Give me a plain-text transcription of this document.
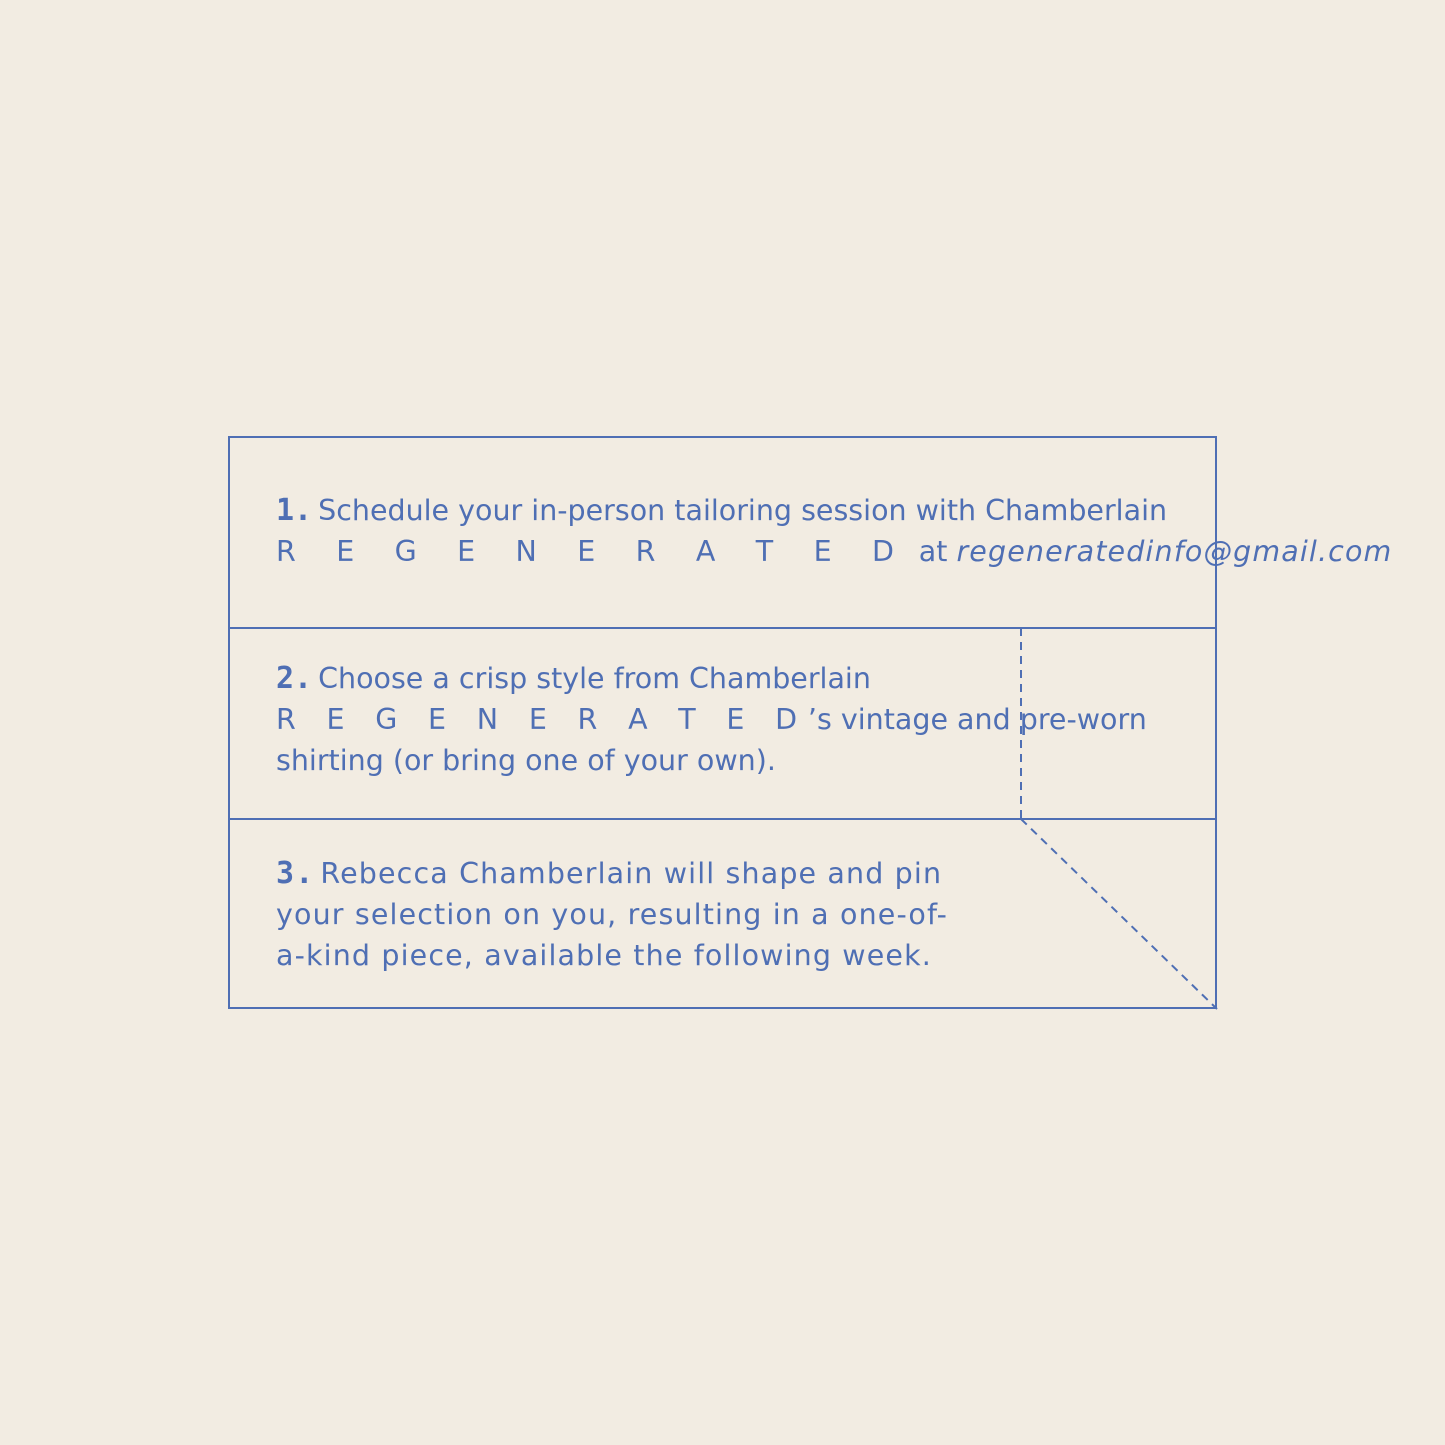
1. Schedule your in-person tailoring session with Chamberlain
R E G E N E R A T E D at regeneratedinfo@gmail.com
2. Choose a crisp style from Chamberlain
R E G E N E R A T E D’s vintage and pre-worn
shirting (or bring one of your own).
3. Rebecca Chamberlain will shape and pin
your selection on you, resulting in a one-of-
a-kind piece, available the following week.
